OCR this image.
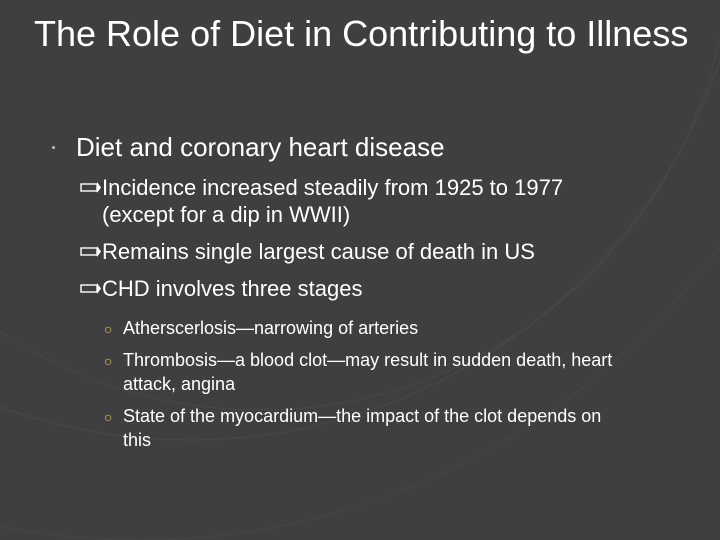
The Role of Diet in Contributing to Illness
Diet and coronary heart disease
Incidence increased steadily from 1925 to 1977 (except for a dip in WWII)
Remains single largest cause of death in US
CHD involves three stages
○ Atherscerlosis—narrowing of arteries
○ Thrombosis—a blood clot—may result in sudden death, heart attack, angina
○ State of the myocardium—the impact of the clot depends on this
